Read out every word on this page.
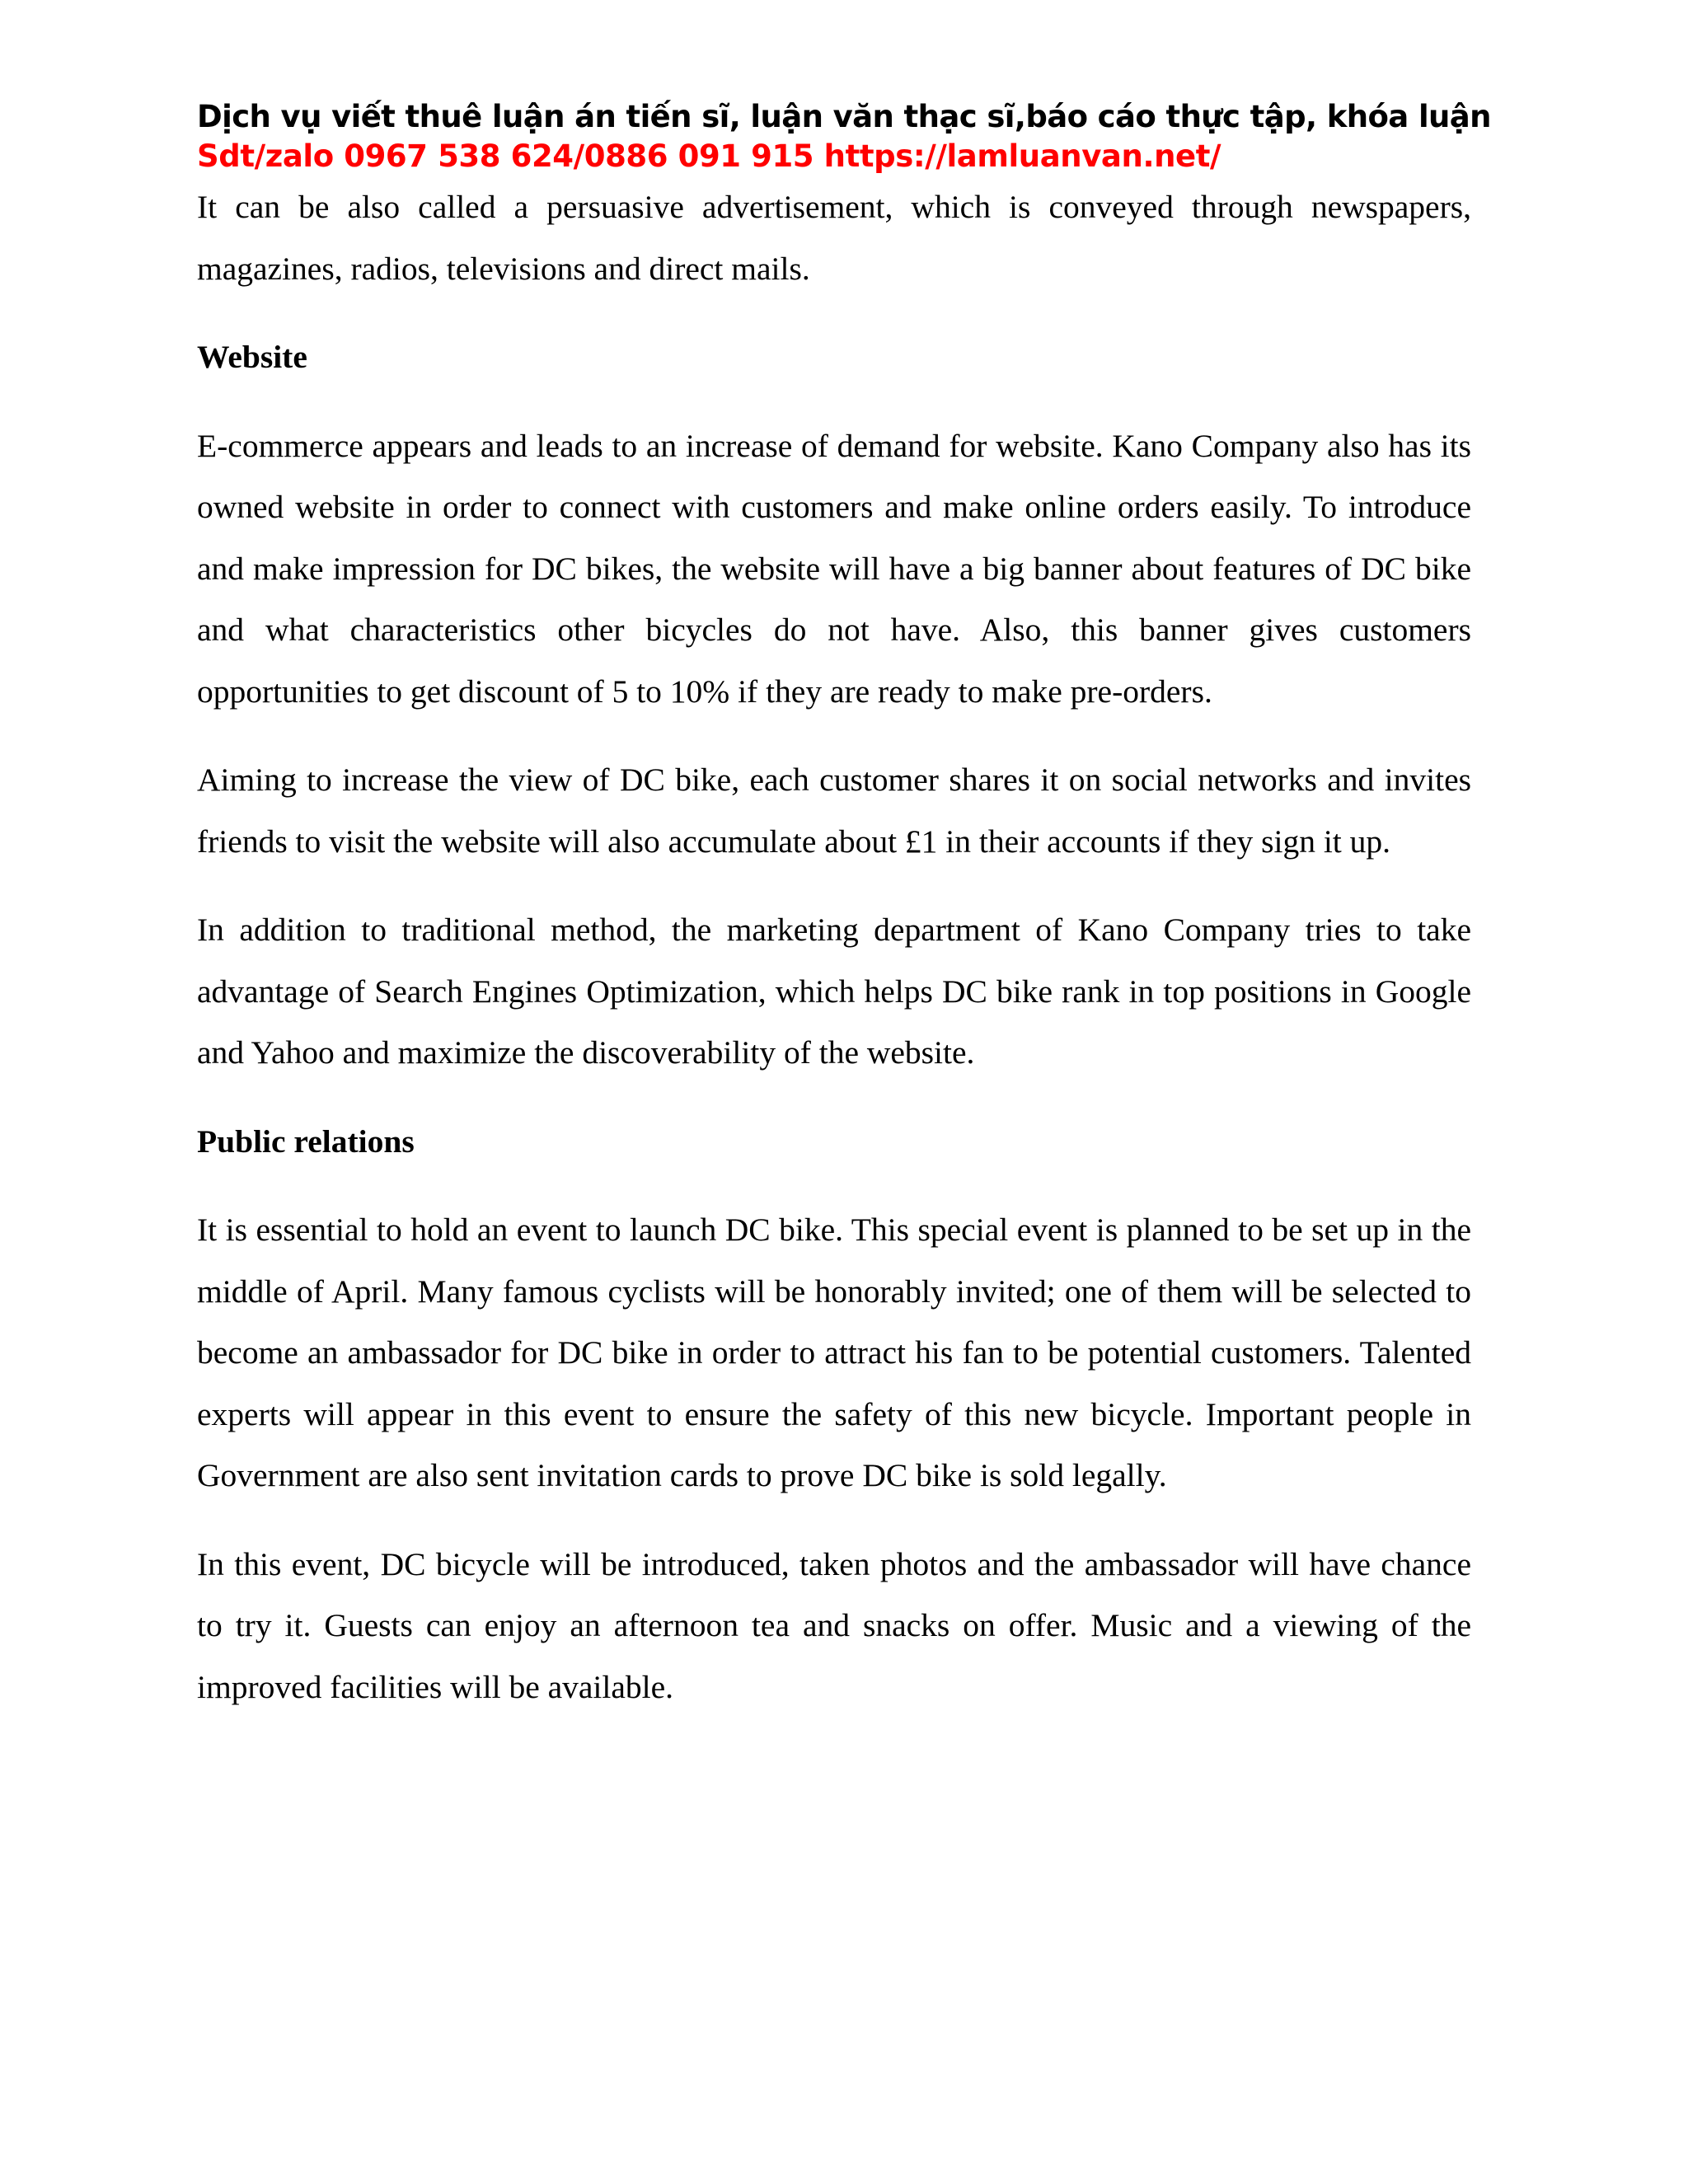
Dịch vụ viết thuê luận án tiến sĩ, luận văn thạc sĩ,báo cáo thực tập, khóa luận

Sdt/zalo 0967 538 624/0886 091 915 https://lamluanvan.net/

It can be also called a persuasive advertisement, which is conveyed through newspapers, magazines, radios, televisions and direct mails.

Website

E-commerce appears and leads to an increase of demand for website. Kano Company also has its owned website in order to connect with customers and make online orders easily. To introduce and make impression for DC bikes, the website will have a big banner about features of DC bike and what characteristics other bicycles do not have. Also, this banner gives customers opportunities to get discount of 5 to 10% if they are ready to make pre-orders.

Aiming to increase the view of DC bike, each customer shares it on social networks and invites friends to visit the website will also accumulate about £1 in their accounts if they sign it up.

In addition to traditional method, the marketing department of Kano Company tries to take advantage of Search Engines Optimization, which helps DC bike rank in top positions in Google and Yahoo and maximize the discoverability of the website.

Public relations

It is essential to hold an event to launch DC bike. This special event is planned to be set up in the middle of April. Many famous cyclists will be honorably invited; one of them will be selected to become an ambassador for DC bike in order to attract his fan to be potential customers. Talented experts will appear in this event to ensure the safety of this new bicycle. Important people in Government are also sent invitation cards to prove DC bike is sold legally.

In this event, DC bicycle will be introduced, taken photos and the ambassador will have chance to try it. Guests can enjoy an afternoon tea and snacks on offer. Music and a viewing of the improved facilities will be available.
